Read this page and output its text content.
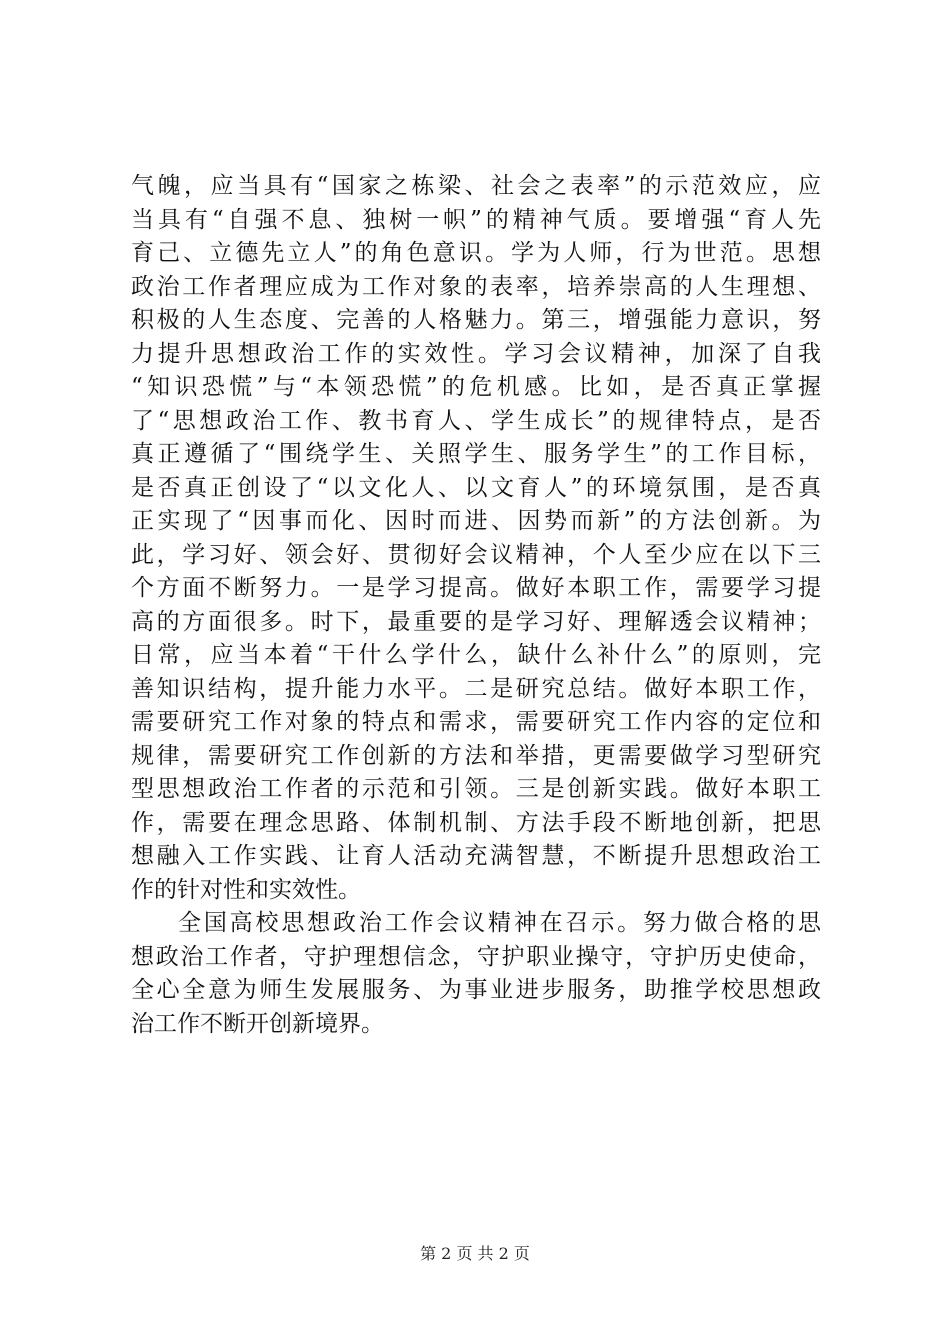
气魄，应当具有“国家之栋梁、社会之表率”的示范效应，应
当具有“自强不息、独树一帜”的精神气质。要增强“育人先
育己、立德先立人”的角色意识。学为人师，行为世范。思想
政治工作者理应成为工作对象的表率，培养崇高的人生理想、
积极的人生态度、完善的人格魅力。第三，增强能力意识，努
力提升思想政治工作的实效性。学习会议精神，加深了自我
“知识恐慌”与“本领恐慌”的危机感。比如，是否真正掌握
了“思想政治工作、教书育人、学生成长”的规律特点，是否
真正遵循了“围绕学生、关照学生、服务学生”的工作目标，
是否真正创设了“以文化人、以文育人”的环境氛围，是否真
正实现了“因事而化、因时而进、因势而新”的方法创新。为
此，学习好、领会好、贯彻好会议精神，个人至少应在以下三
个方面不断努力。一是学习提高。做好本职工作，需要学习提
高的方面很多。时下，最重要的是学习好、理解透会议精神；
日常，应当本着“干什么学什么，缺什么补什么”的原则，完
善知识结构，提升能力水平。二是研究总结。做好本职工作，
需要研究工作对象的特点和需求，需要研究工作内容的定位和
规律，需要研究工作创新的方法和举措，更需要做学习型研究
型思想政治工作者的示范和引领。三是创新实践。做好本职工
作，需要在理念思路、体制机制、方法手段不断地创新，把思
想融入工作实践、让育人活动充满智慧，不断提升思想政治工
作的针对性和实效性。
全国高校思想政治工作会议精神在召示。努力做合格的思
想政治工作者，守护理想信念，守护职业操守，守护历史使命，
全心全意为师生发展服务、为事业进步服务，助推学校思想政
治工作不断开创新境界。
第 2 页 共 2 页
